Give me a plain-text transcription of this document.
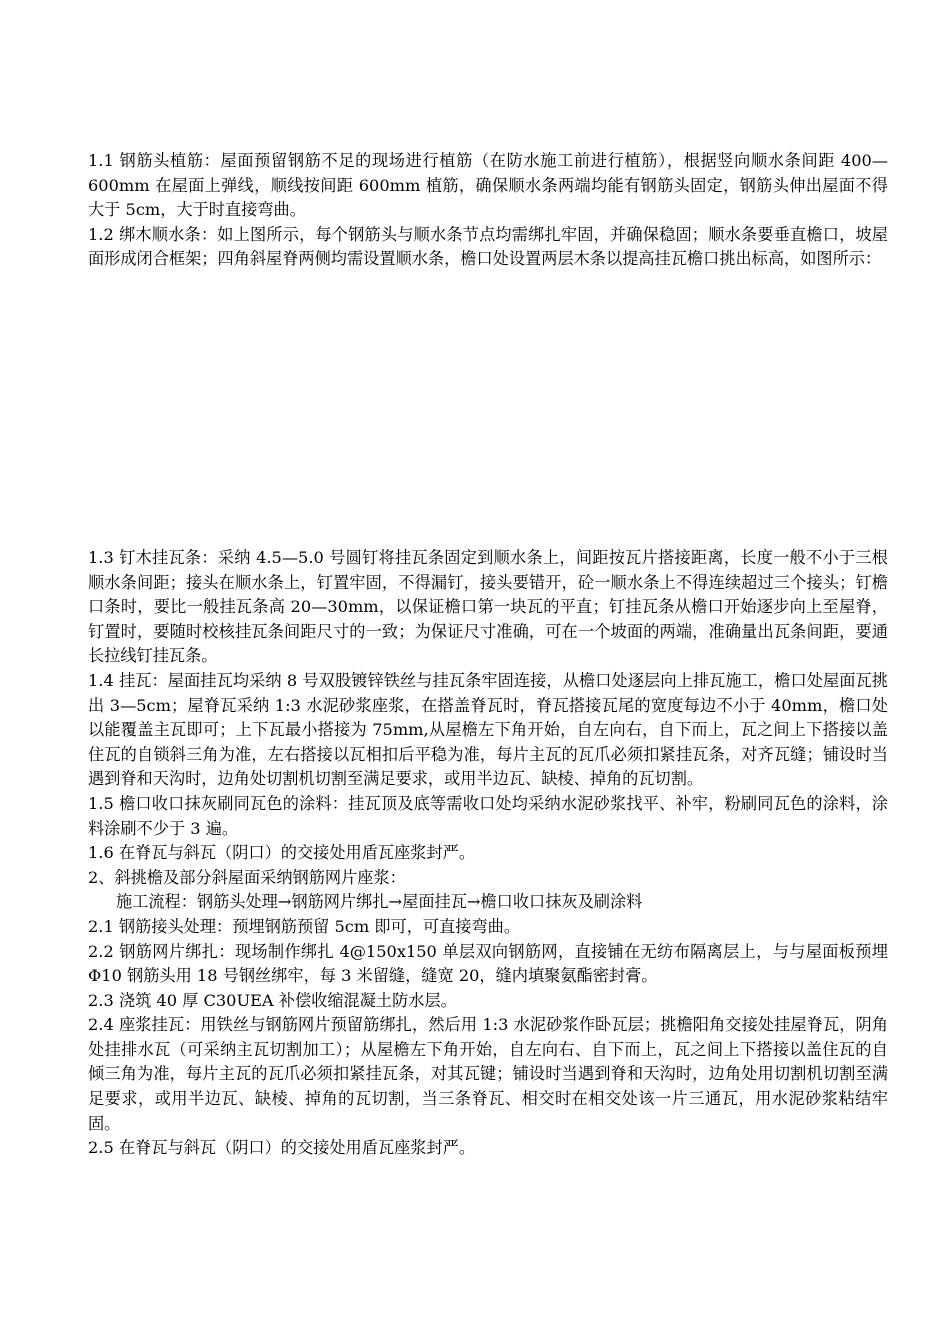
1.1 钢筋头植筋：屋面预留钢筋不足的现场进行植筋（在防水施工前进行植筋），根据竖向顺水条间距 400—600mm 在屋面上弹线，顺线按间距 600mm 植筋，确保顺水条两端均能有钢筋头固定，钢筋头伸出屋面不得大于 5cm，大于时直接弯曲。

1.2 绑木顺水条：如上图所示，每个钢筋头与顺水条节点均需绑扎牢固，并确保稳固；顺水条要垂直檐口，坡屋面形成闭合框架；四角斜屋脊两侧均需设置顺水条，檐口处设置两层木条以提高挂瓦檐口挑出标高，如图所示：

1.3 钉木挂瓦条：采纳 4.5—5.0 号圆钉将挂瓦条固定到顺水条上，间距按瓦片搭接距离，长度一般不小于三根顺水条间距；接头在顺水条上，钉置牢固，不得漏钉，接头要错开，砼一顺水条上不得连续超过三个接头；钉檐口条时，要比一般挂瓦条高 20—30mm，以保证檐口第一块瓦的平直；钉挂瓦条从檐口开始逐步向上至屋脊，钉置时，要随时校核挂瓦条间距尺寸的一致；为保证尺寸准确，可在一个坡面的两端，准确量出瓦条间距，要通长拉线钉挂瓦条。

1.4 挂瓦：屋面挂瓦均采纳 8 号双股镀锌铁丝与挂瓦条牢固连接，从檐口处逐层向上排瓦施工，檐口处屋面瓦挑出 3—5cm；屋脊瓦采纳 1:3 水泥砂浆座浆，在搭盖脊瓦时，脊瓦搭接瓦尾的宽度每边不小于 40mm，檐口处以能覆盖主瓦即可；上下瓦最小搭接为 75mm,从屋檐左下角开始，自左向右，自下而上，瓦之间上下搭接以盖住瓦的自锁斜三角为准，左右搭接以瓦相扣后平稳为准，每片主瓦的瓦爪必须扣紧挂瓦条，对齐瓦缝；铺设时当遇到脊和天沟时，边角处切割机切割至满足要求，或用半边瓦、缺棱、掉角的瓦切割。

1.5 檐口收口抹灰刷同瓦色的涂料：挂瓦顶及底等需收口处均采纳水泥砂浆找平、补牢，粉刷同瓦色的涂料，涂料涂刷不少于 3 遍。

1.6 在脊瓦与斜瓦（阴口）的交接处用盾瓦座浆封严。

2、斜挑檐及部分斜屋面采纳钢筋网片座浆：

施工流程：钢筋头处理→钢筋网片绑扎→屋面挂瓦→檐口收口抹灰及刷涂料

2.1 钢筋接头处理：预埋钢筋预留 5cm 即可，可直接弯曲。

2.2 钢筋网片绑扎：现场制作绑扎 4@150x150 单层双向钢筋网，直接铺在无纺布隔离层上，与与屋面板预埋 Φ10 钢筋头用 18 号钢丝绑牢，每 3 米留缝，缝宽 20，缝内填聚氨酯密封膏。

2.3 浇筑 40 厚 C30UEA 补偿收缩混凝土防水层。

2.4 座浆挂瓦：用铁丝与钢筋网片预留筋绑扎，然后用 1:3 水泥砂浆作卧瓦层；挑檐阳角交接处挂屋脊瓦，阴角处挂排水瓦（可采纳主瓦切割加工）；从屋檐左下角开始，自左向右、自下而上，瓦之间上下搭接以盖住瓦的自倾三角为准，每片主瓦的瓦爪必须扣紧挂瓦条，对其瓦键；铺设时当遇到脊和天沟时，边角处用切割机切割至满足要求，或用半边瓦、缺棱、掉角的瓦切割，当三条脊瓦、相交时在相交处该一片三通瓦，用水泥砂浆粘结牢固。

2.5 在脊瓦与斜瓦（阴口）的交接处用盾瓦座浆封严。
